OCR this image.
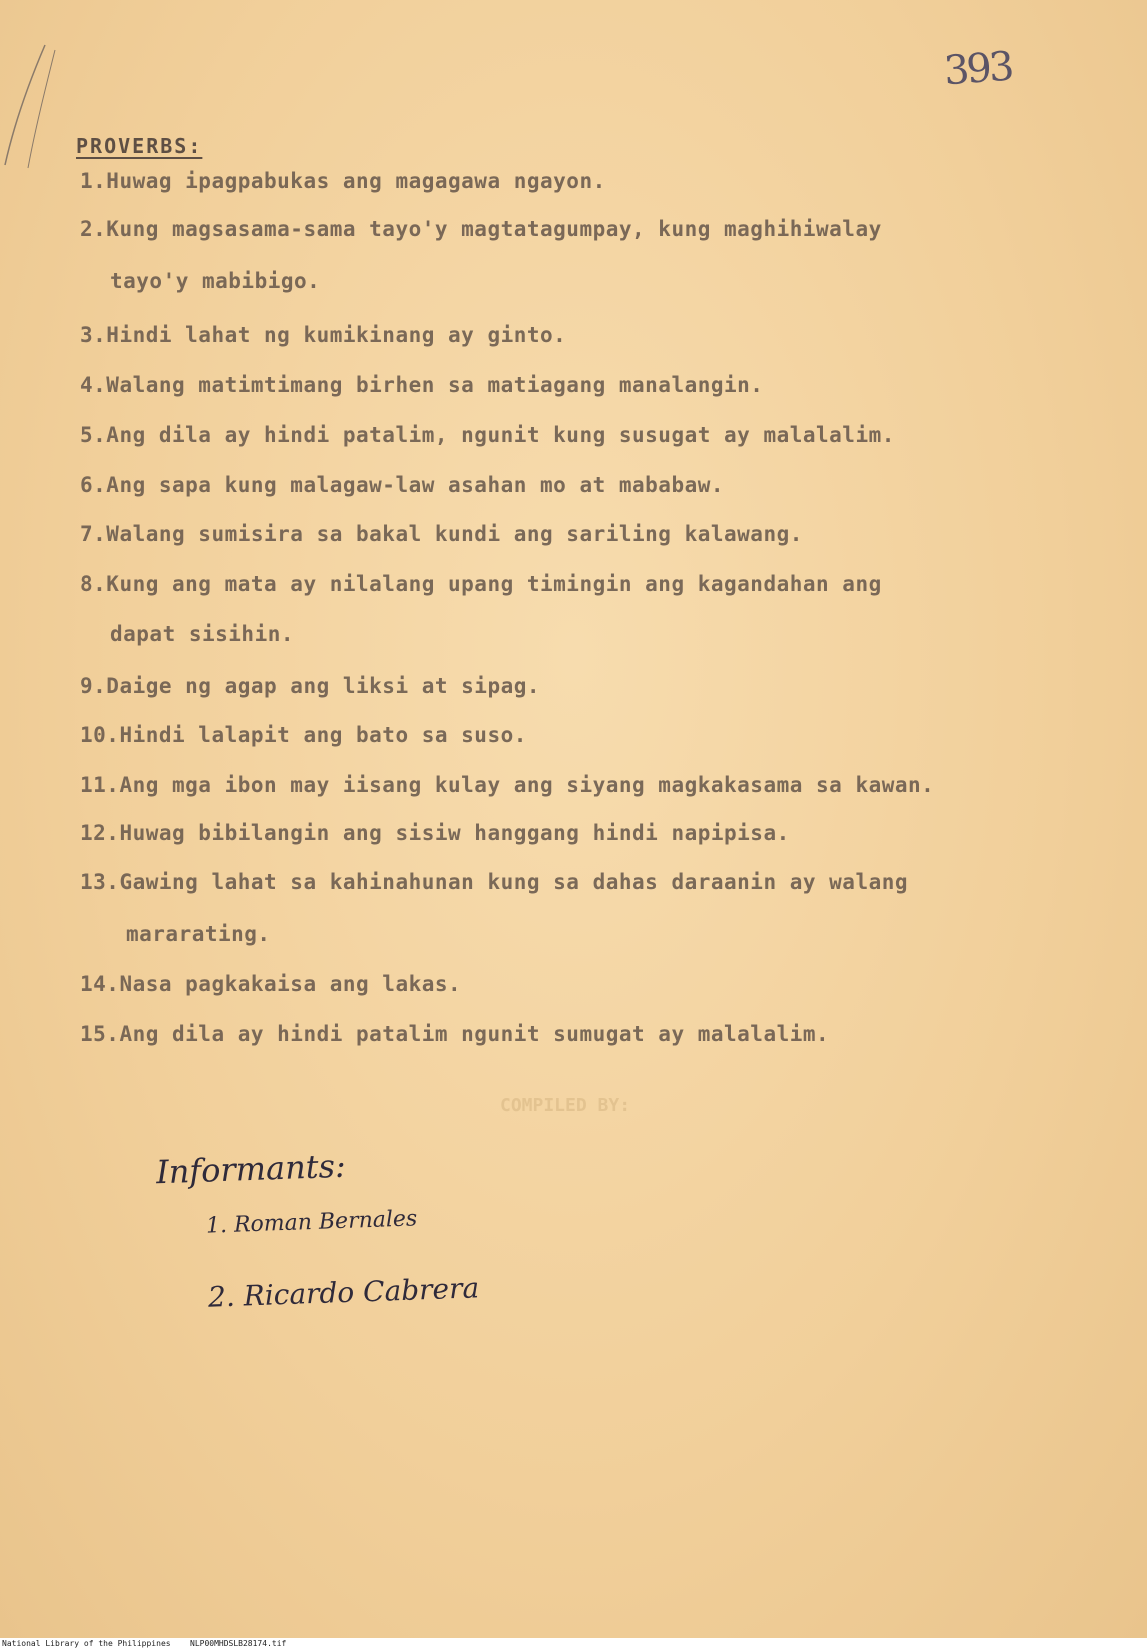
393
PROVERBS:
1.Huwag ipagpabukas ang magagawa ngayon.
2.Kung magsasama-sama tayo'y magtatagumpay, kung maghihiwalay
tayo'y mabibigo.
3.Hindi lahat ng kumikinang ay ginto.
4.Walang matimtimang birhen sa matiagang manalangin.
5.Ang dila ay hindi patalim, ngunit kung susugat ay malalalim.
6.Ang sapa kung malagaw-law asahan mo at mababaw.
7.Walang sumisira sa bakal kundi ang sariling kalawang.
8.Kung ang mata ay nilalang upang timingin ang kagandahan ang
dapat sisihin.
9.Daige ng agap ang liksi at sipag.
10.Hindi lalapit ang bato sa suso.
11.Ang mga ibon may iisang kulay ang siyang magkakasama sa kawan.
12.Huwag bibilangin ang sisiw hanggang hindi napipisa.
13.Gawing lahat sa kahinahunan kung sa dahas daraanin ay walang
mararating.
14.Nasa pagkakaisa ang lakas.
15.Ang dila ay hindi patalim ngunit sumugat ay malalalim.
COMPILED BY:
Informants:
1. Roman Bernales
2. Ricardo Cabrera
National Library of the Philippines NLP00MHDSLB28174.tif
